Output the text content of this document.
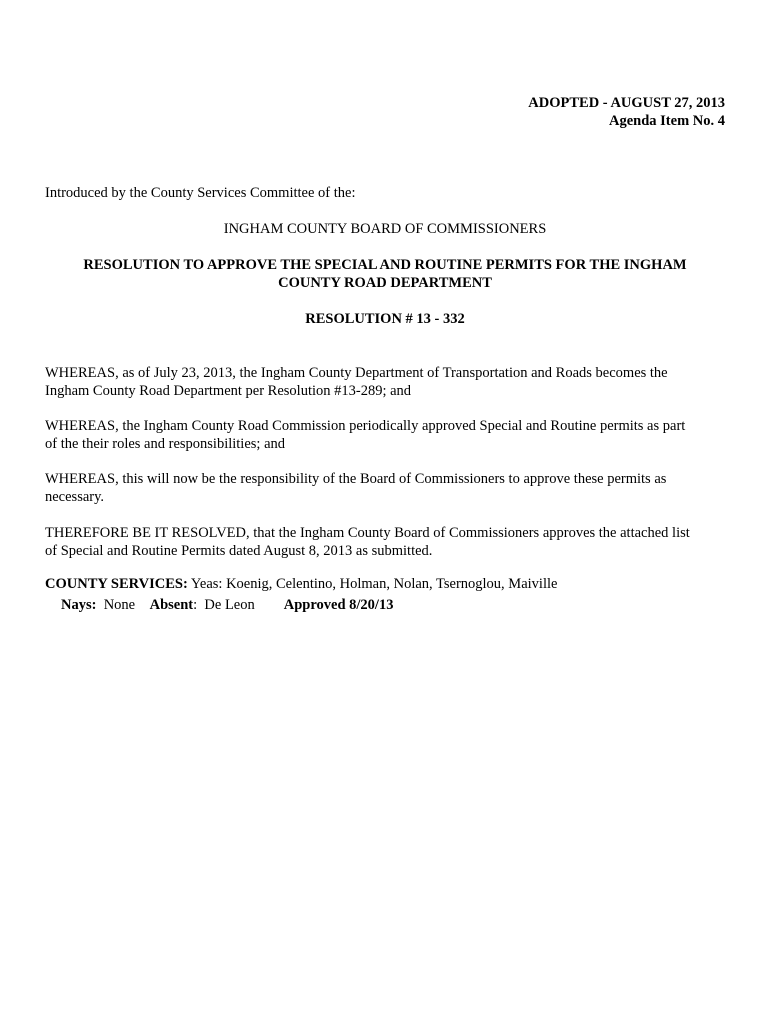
ADOPTED - AUGUST 27, 2013
Agenda Item No. 4
Introduced by the County Services Committee of the:
INGHAM COUNTY BOARD OF COMMISSIONERS
RESOLUTION TO APPROVE THE SPECIAL AND ROUTINE PERMITS FOR THE INGHAM
COUNTY ROAD DEPARTMENT
RESOLUTION # 13 - 332
WHEREAS, as of July 23, 2013, the Ingham County Department of Transportation and Roads becomes the
Ingham County Road Department per Resolution #13-289; and
WHEREAS, the Ingham County Road Commission periodically approved Special and Routine permits as part
of the their roles and responsibilities; and
WHEREAS, this will now be the responsibility of the Board of Commissioners to approve these permits as
necessary.
THEREFORE BE IT RESOLVED, that the Ingham County Board of Commissioners approves the attached list
of Special and Routine Permits dated August 8, 2013 as submitted.
COUNTY SERVICES: Yeas: Koenig, Celentino, Holman, Nolan, Tsernoglou, Maiville
Nays: None Absent:  De Leon Approved 8/20/13
